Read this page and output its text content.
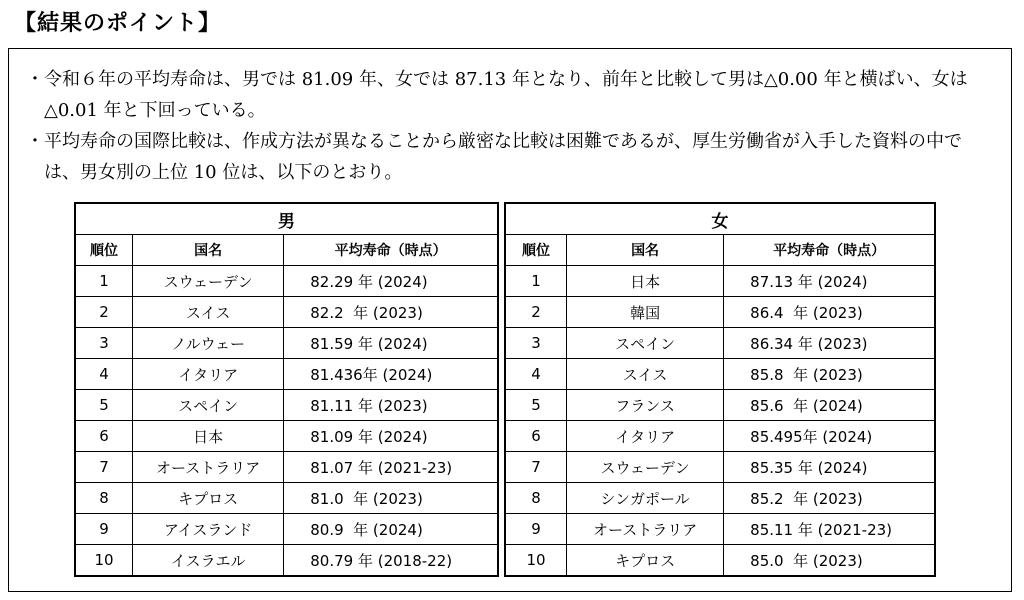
【結果のポイント】
・ 令和６年の平均寿命は、男では 81.09 年、女では 87.13 年となり、前年と比較して男は△0.00 年と横ばい、女は△0.01 年と下回っている。
・ 平均寿命の国際比較は、作成方法が異なることから厳密な比較は困難であるが、厚生労働省が入手した資料の中では、男女別の上位 10 位は、以下のとおり。
男		
順位	国名	平均寿命（時点）
1	スウェーデン	82.29 年 (2024)
2	スイス	82.2  年 (2023)
3	ノルウェー	81.59 年 (2024)
4	イタリア	81.436年 (2024)
5	スペイン	81.11 年 (2023)
6	日本	81.09 年 (2024)
7	オーストラリア	81.07 年 (2021-23)
8	キプロス	81.0  年 (2023)
9	アイスランド	80.9  年 (2024)
10	イスラエル	80.79 年 (2018-22)
女		
順位	国名	平均寿命（時点）
1	日本	87.13 年 (2024)
2	韓国	86.4  年 (2023)
3	スペイン	86.34 年 (2023)
4	スイス	85.8  年 (2023)
5	フランス	85.6  年 (2024)
6	イタリア	85.495年 (2024)
7	スウェーデン	85.35 年 (2024)
8	シンガポール	85.2  年 (2023)
9	オーストラリア	85.11 年 (2021-23)
10	キプロス	85.0  年 (2023)
